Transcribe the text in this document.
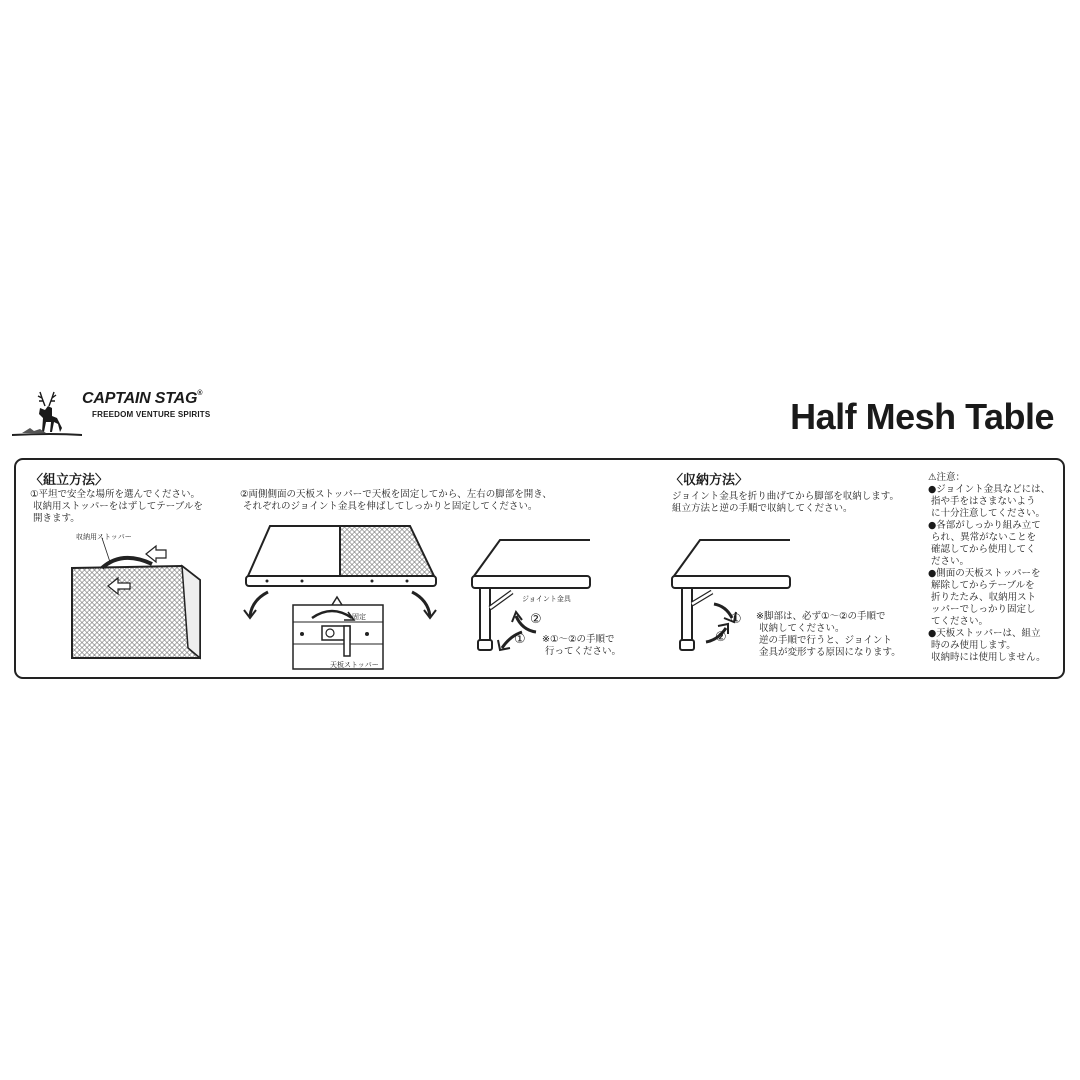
CAPTAIN STAG®
FREEDOM VENTURE SPIRITS	Half Mesh Table
〈組立方法〉
①平坦で安全な場所を選んでください。
収納用ストッパーをはずしてテーブルを
開きます。
収納用ストッパー
②両側側面の天板ストッパーで天板を固定してから、左右の脚部を開き、
それぞれのジョイント金具を伸ばしてしっかりと固定してください。
固定
天板ストッパー
ジョイント金具
②
① ※①〜②の手順で
行ってください。
〈収納方法〉
ジョイント金具を折り曲げてから脚部を収納します。
組立方法と逆の手順で収納してください。
①
②
※脚部は、必ず①〜②の手順で
収納してください。
逆の手順で行うと、ジョイント
金具が変形する原因になります。
⚠注意：
●ジョイント金具などには、
指や手をはさまないよう
に十分注意してください。
●各部がしっかり組み立て
られ、異常がないことを
確認してから使用してく
ださい。
●側面の天板ストッパーを
解除してからテーブルを
折りたたみ、収納用スト
ッパーでしっかり固定し
てください。
●天板ストッパーは、組立
時のみ使用します。
収納時には使用しません。
